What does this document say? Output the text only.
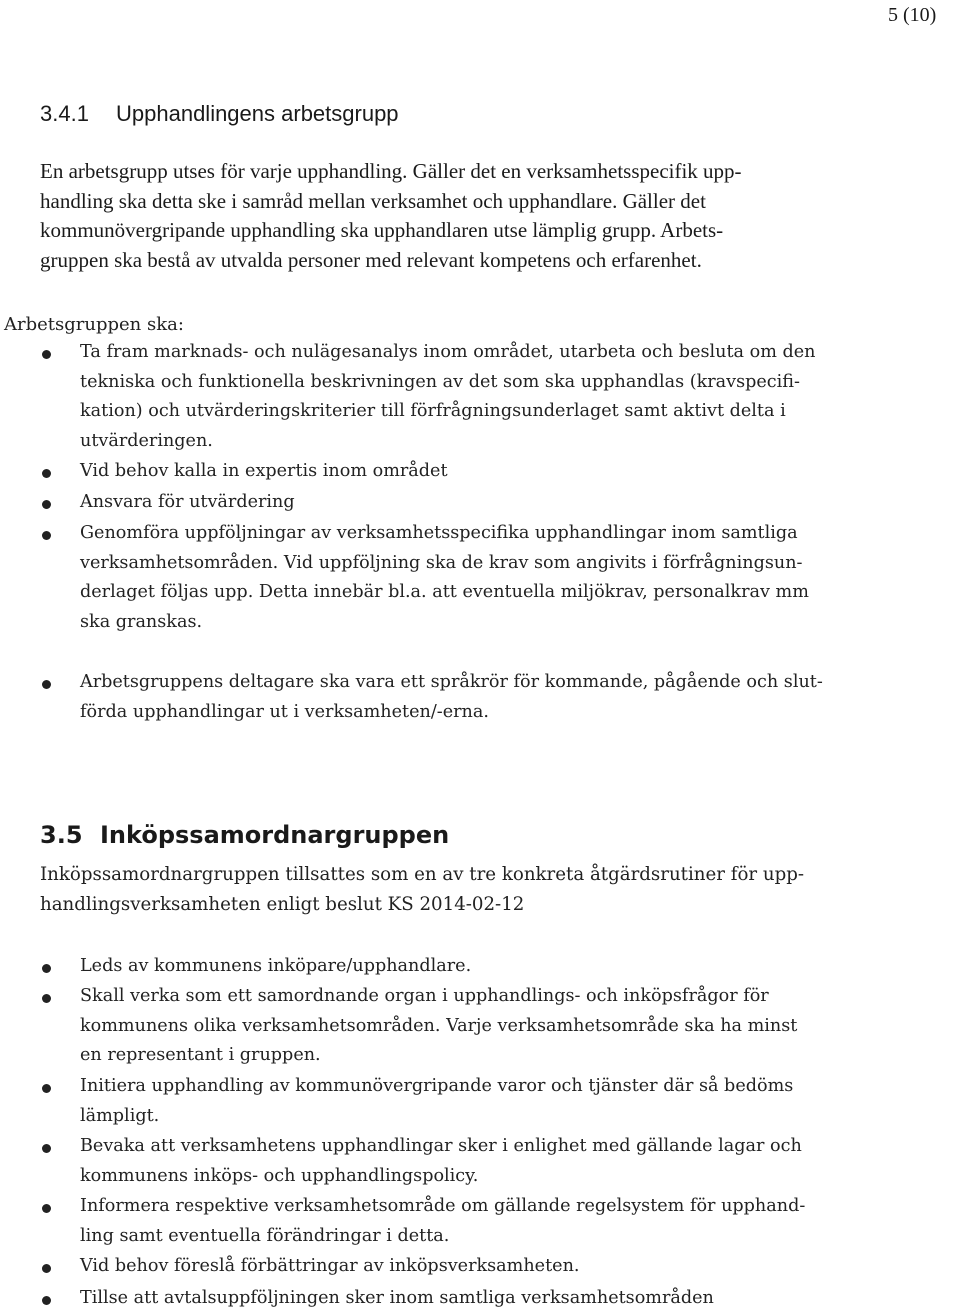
5 (10)
3.4.1 Upphandlingens arbetsgrupp

En arbetsgrupp utses för varje upphandling. Gäller det en verksamhetsspecifik upp-
handling ska detta ske i samråd mellan verksamhet och upphandlare. Gäller det
kommunövergripande upphandling ska upphandlaren utse lämplig grupp. Arbets-
gruppen ska bestå av utvalda personer med relevant kompetens och erfarenhet.

Arbetsgruppen ska:

Ta fram marknads- och nulägesanalys inom området, utarbeta och besluta om den
tekniska och funktionella beskrivningen av det som ska upphandlas (kravspecifi-
kation) och utvärderingskriterier till förfrågningsunderlaget samt aktivt delta i
utvärderingen.
Vid behov kalla in expertis inom området
Ansvara för utvärdering
Genomföra uppföljningar av verksamhetsspecifika upphandlingar inom samtliga
verksamhetsområden. Vid uppföljning ska de krav som angivits i förfrågningsun-
derlaget följas upp. Detta innebär bl.a. att eventuella miljökrav, personalkrav mm
ska granskas.
Arbetsgruppens deltagare ska vara ett språkrör för kommande, pågående och slut-
förda upphandlingar ut i verksamheten/-erna.
3.5 Inköpssamordnargruppen

Inköpssamordnargruppen tillsattes som en av tre konkreta åtgärdsrutiner för upp-
handlingsverksamheten enligt beslut KS 2014-02-12

Leds av kommunens inköpare/upphandlare.
Skall verka som ett samordnande organ i upphandlings- och inköpsfrågor för
kommunens olika verksamhetsområden. Varje verksamhetsområde ska ha minst
en representant i gruppen.
Initiera upphandling av kommunövergripande varor och tjänster där så bedöms
lämpligt.
Bevaka att verksamhetens upphandlingar sker i enlighet med gällande lagar och
kommunens inköps- och upphandlingspolicy.
Informera respektive verksamhetsområde om gällande regelsystem för upphand-
ling samt eventuella förändringar i detta.
Vid behov föreslå förbättringar av inköpsverksamheten.
Tillse att avtalsuppföljningen sker inom samtliga verksamhetsområden
